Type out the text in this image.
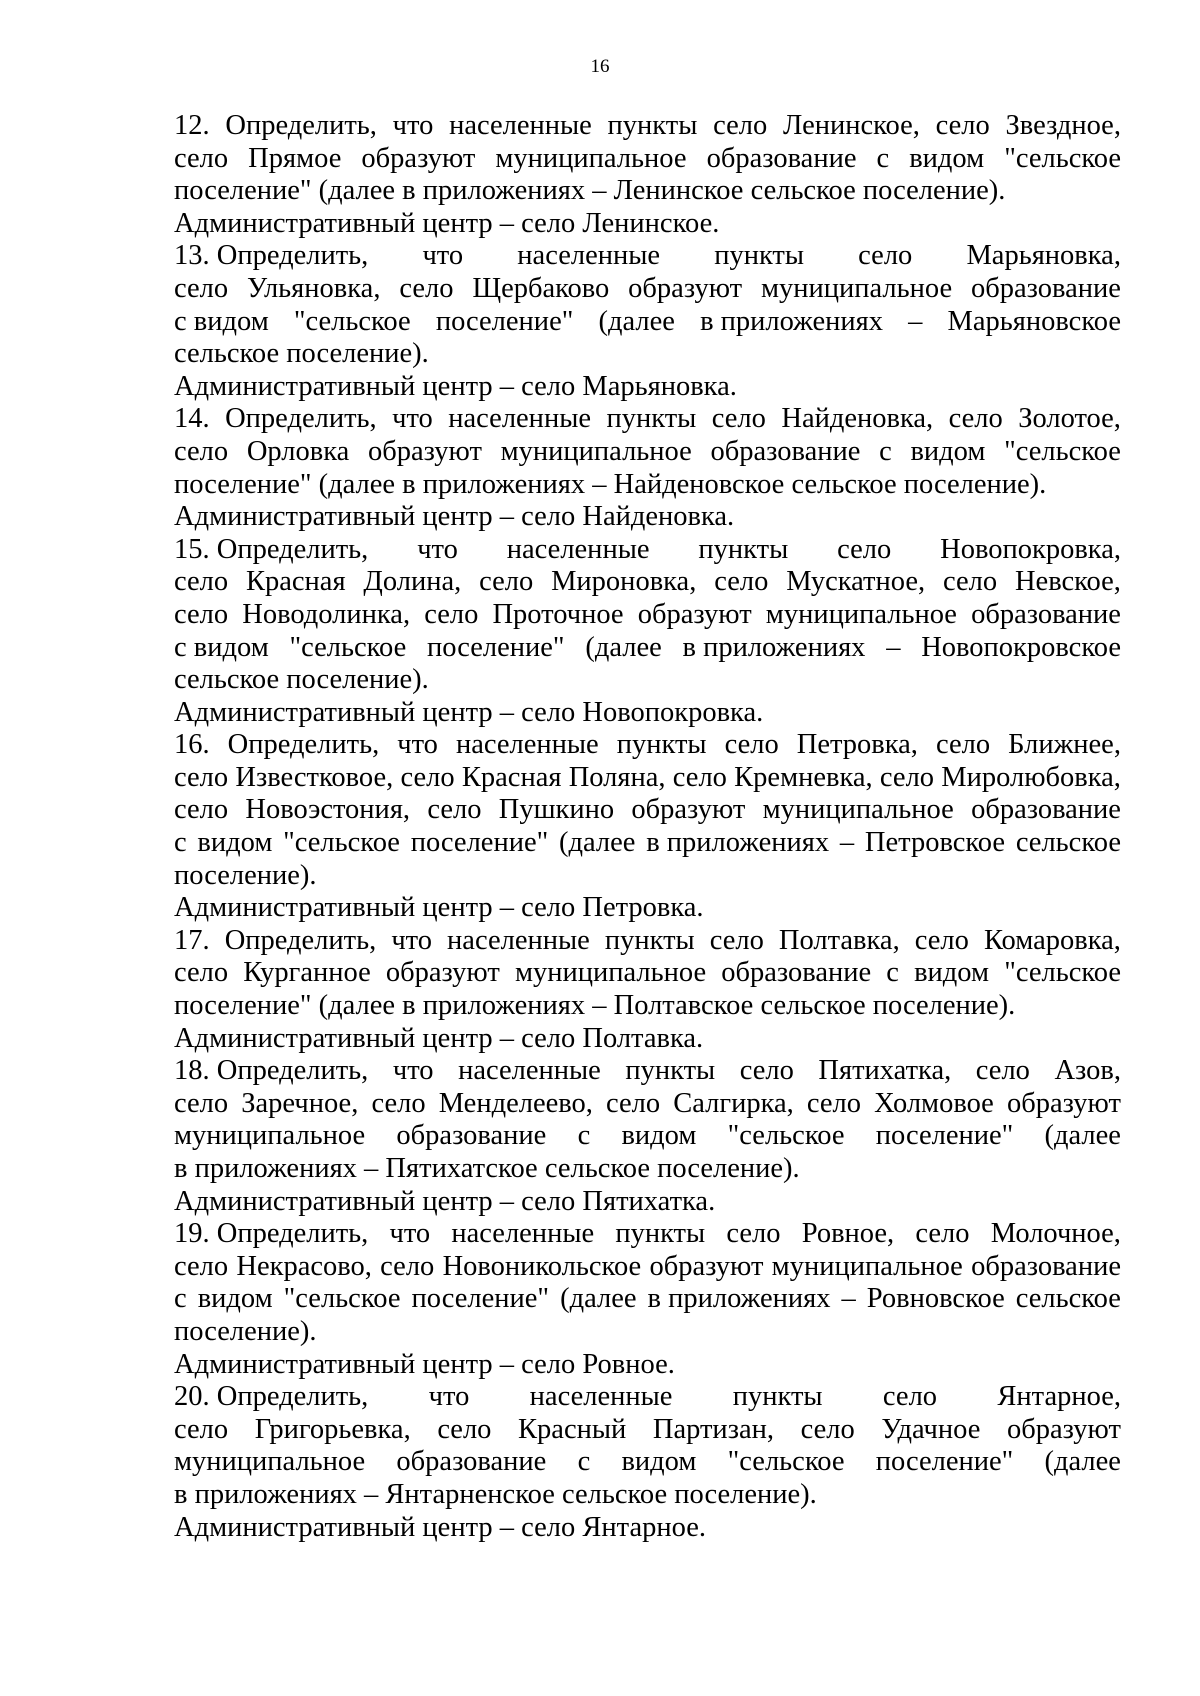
16
12. Определить, что населенные пункты село Ленинское, село Звездное,
село Прямое образуют муниципальное образование с видом "сельское
поселение" (далее в приложениях – Ленинское сельское поселение).
Административный центр – село Ленинское.
13. Определить, что населенные пункты село Марьяновка,
село Ульяновка, село Щербаково образуют муниципальное образование
с видом "сельское поселение" (далее в приложениях – Марьяновское
сельское поселение).
Административный центр – село Марьяновка.
14. Определить, что населенные пункты село Найденовка, село Золотое,
село Орловка образуют муниципальное образование с видом "сельское
поселение" (далее в приложениях – Найденовское сельское поселение).
Административный центр – село Найденовка.
15. Определить, что населенные пункты село Новопокровка,
село Красная Долина, село Мироновка, село Мускатное, село Невское,
село Новодолинка, село Проточное образуют муниципальное образование
с видом "сельское поселение" (далее в приложениях – Новопокровское
сельское поселение).
Административный центр – село Новопокровка.
16. Определить, что населенные пункты село Петровка, село Ближнее,
село Известковое, село Красная Поляна, село Кремневка, село Миролюбовка,
село Новоэстония, село Пушкино образуют муниципальное образование
с видом "сельское поселение" (далее в приложениях – Петровское сельское
поселение).
Административный центр – село Петровка.
17. Определить, что населенные пункты село Полтавка, село Комаровка,
село Курганное образуют муниципальное образование с видом "сельское
поселение" (далее в приложениях – Полтавское сельское поселение).
Административный центр – село Полтавка.
18. Определить, что населенные пункты село Пятихатка, село Азов,
село Заречное, село Менделеево, село Салгирка, село Холмовое образуют
муниципальное образование с видом "сельское поселение" (далее
в приложениях – Пятихатское сельское поселение).
Административный центр – село Пятихатка.
19. Определить, что населенные пункты село Ровное, село Молочное,
село Некрасово, село Новоникольское образуют муниципальное образование
с видом "сельское поселение" (далее в приложениях – Ровновское сельское
поселение).
Административный центр – село Ровное.
20. Определить, что населенные пункты село Янтарное,
село Григорьевка, село Красный Партизан, село Удачное образуют
муниципальное образование с видом "сельское поселение" (далее
в приложениях – Янтарненское сельское поселение).
Административный центр – село Янтарное.
